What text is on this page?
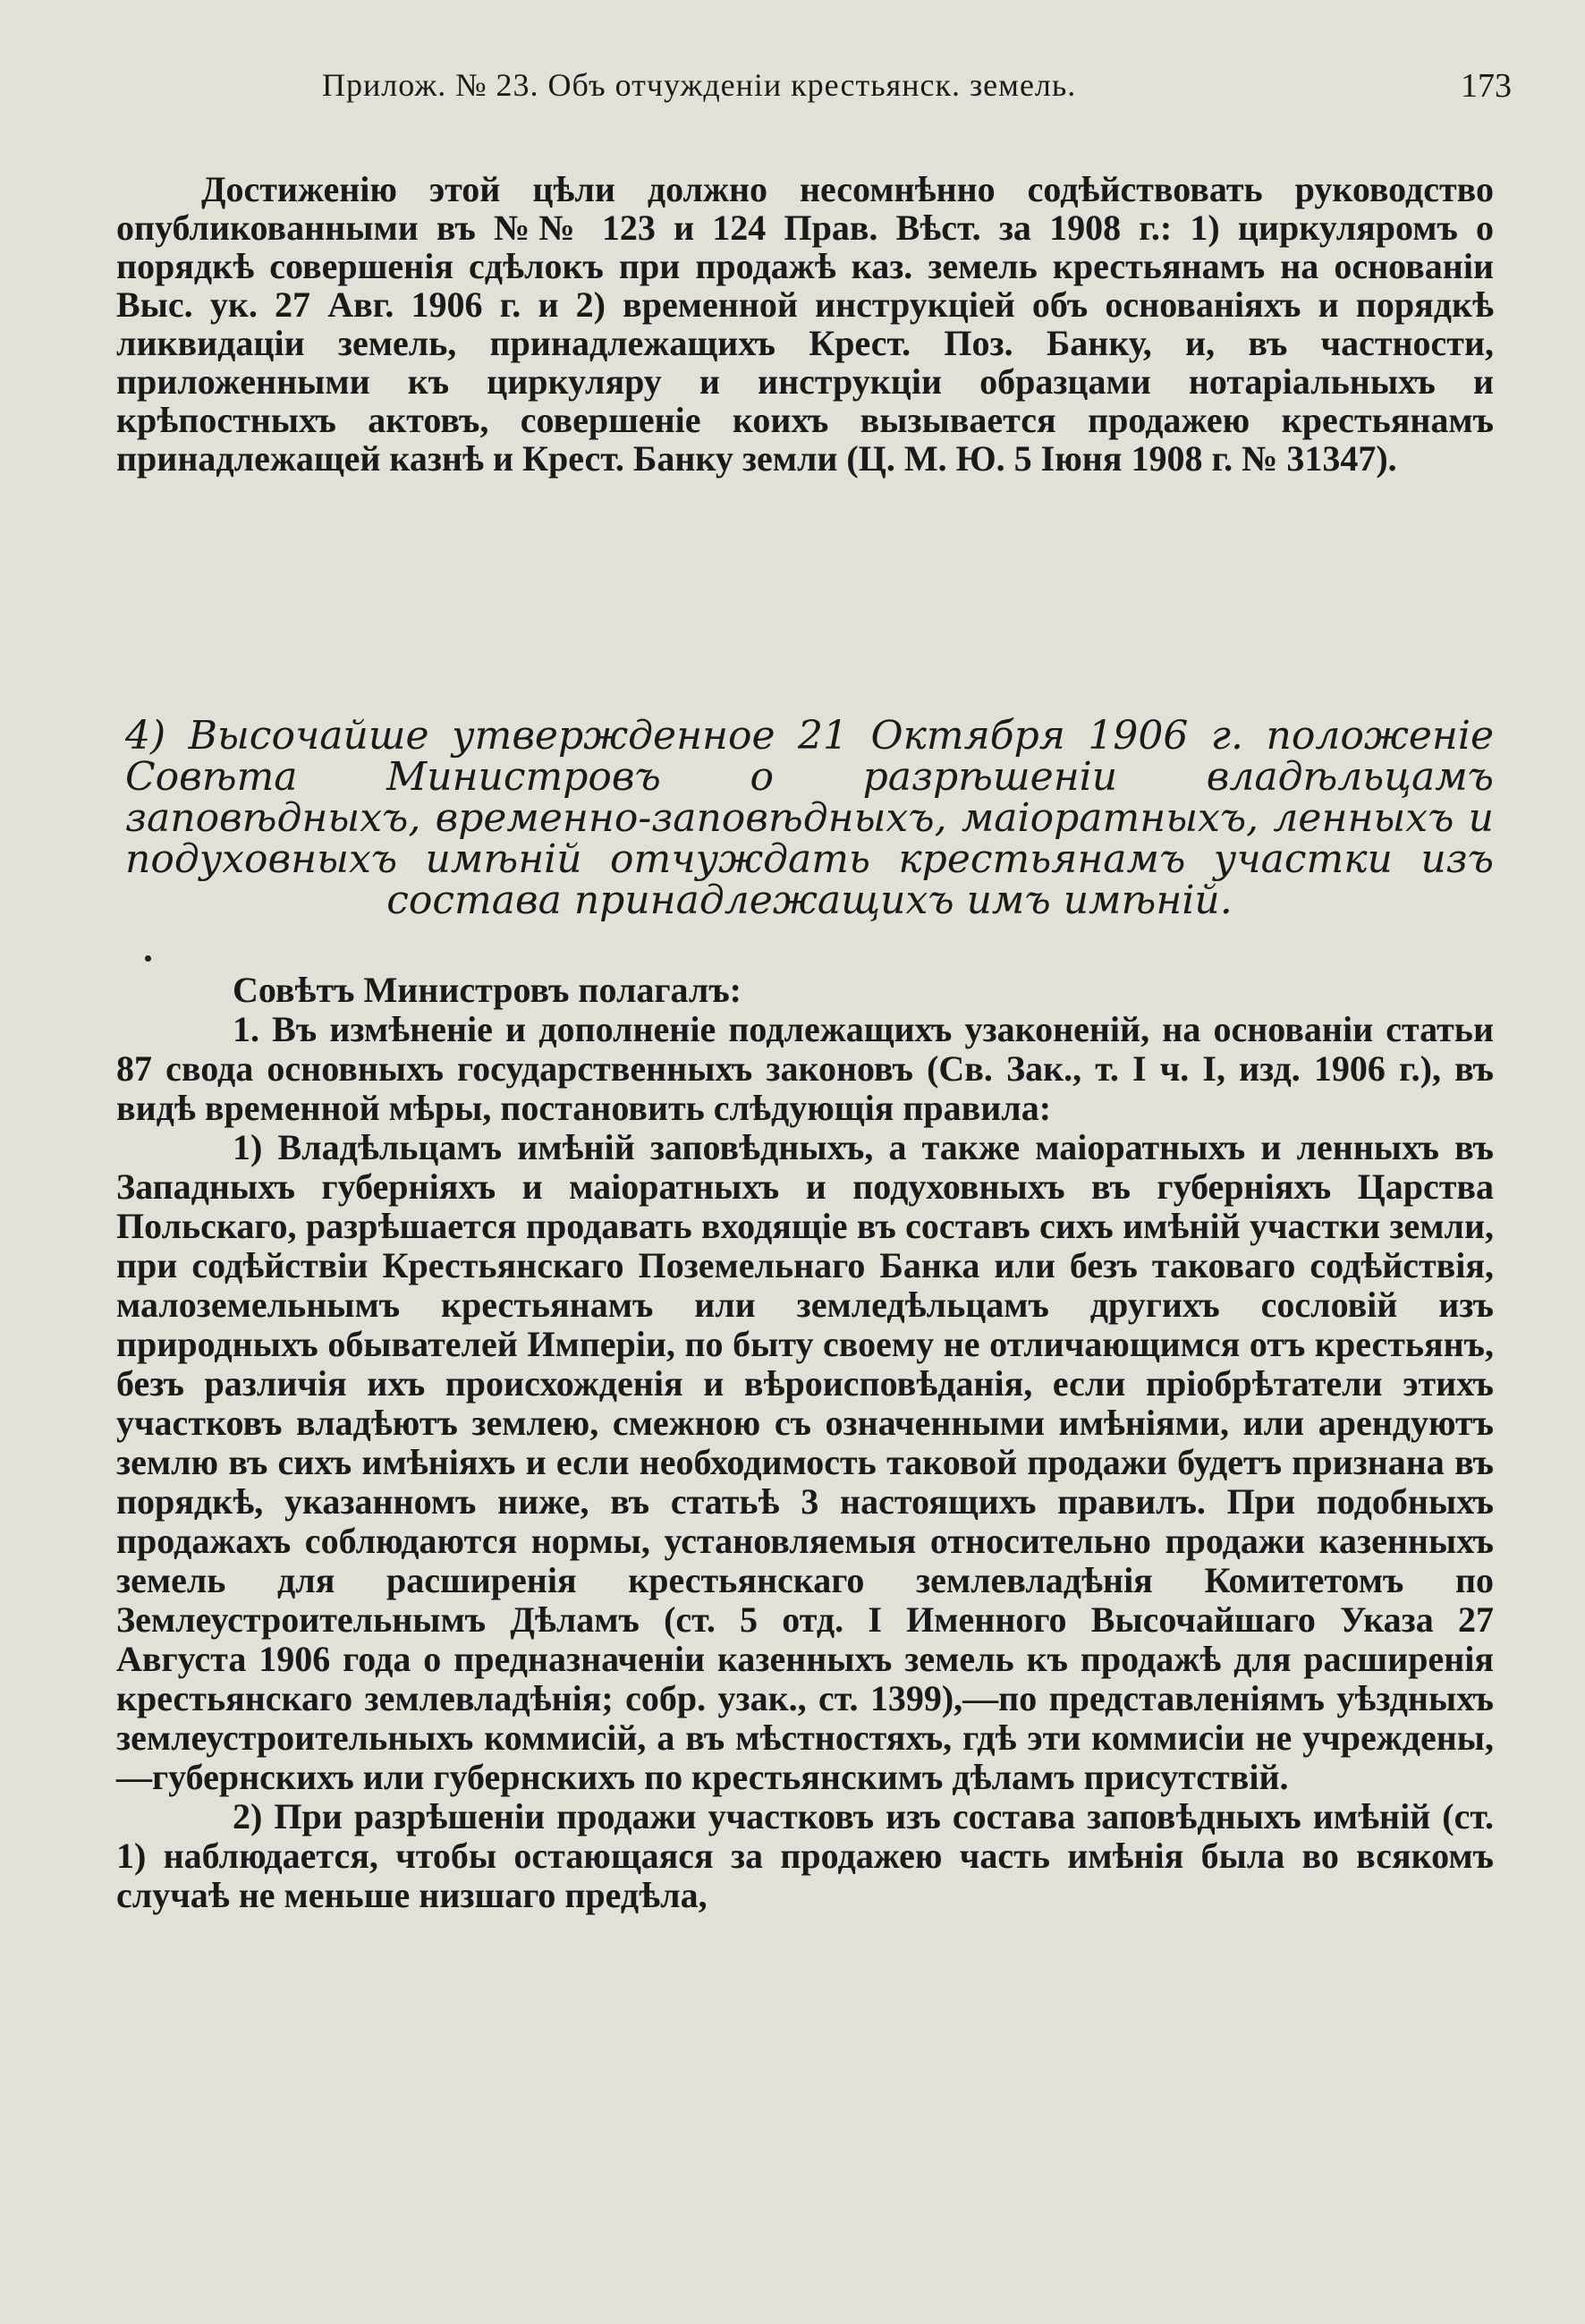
Прилож. № 23. Объ отчужденіи крестьянск. земель.	173

Достиженію этой цѣли должно несомнѣнно содѣйствовать руководство опубликованными въ №№ 123 и 124 Прав. Вѣст. за 1908 г.: 1) циркуляромъ о порядкѣ совершенія сдѣлокъ при продажѣ каз. земель крестьянамъ на основаніи Выс. ук. 27 Авг. 1906 г. и 2) временной инструкціей объ основаніяхъ и порядкѣ ликвидаціи земель, принадлежащихъ Крест. Поз. Банку, и, въ частности, приложенными къ циркуляру и инструкціи образцами нотаріальныхъ и крѣпостныхъ актовъ, совершеніе коихъ вызывается продажею крестьянамъ принадлежащей казнѣ и Крест. Банку земли (Ц. М. Ю. 5 Іюня 1908 г. № 31347).

4) Высочайше утвержденное 21 Октября 1906 г. положеніе Совѣта Министровъ о разрѣшеніи владѣльцамъ заповѣдныхъ, временно-заповѣдныхъ, маіоратныхъ, ленныхъ и подуховныхъ имѣній отчуждать крестьянамъ участки изъ состава принадлежащихъ имъ имѣній.

Совѣтъ Министровъ полагалъ:

1. Въ измѣненіе и дополненіе подлежащихъ узаконеній, на основаніи статьи 87 свода основныхъ государственныхъ законовъ (Св. Зак., т. I ч. I, изд. 1906 г.), въ видѣ временной мѣры, постановить слѣдующія правила:

1) Владѣльцамъ имѣній заповѣдныхъ, а также маіоратныхъ и ленныхъ въ Западныхъ губерніяхъ и маіоратныхъ и подуховныхъ въ губерніяхъ Царства Польскаго, разрѣшается продавать входящіе въ составъ сихъ имѣній участки земли, при содѣйствіи Крестьянскаго Поземельнаго Банка или безъ таковаго содѣйствія, малоземельнымъ крестьянамъ или земледѣльцамъ другихъ сословій изъ природныхъ обывателей Имперіи, по быту своему не отличающимся отъ крестьянъ, безъ различія ихъ происхожденія и вѣроисповѣданія, если пріобрѣтатели этихъ участковъ владѣютъ землею, смежною съ означенными имѣніями, или арендуютъ землю въ сихъ имѣніяхъ и если необходимость таковой продажи будетъ признана въ порядкѣ, указанномъ ниже, въ статьѣ 3 настоящихъ правилъ. При подобныхъ продажахъ соблюдаются нормы, установляемыя относительно продажи казенныхъ земель для расширенія крестьянскаго землевладѣнія Комитетомъ по Землеустроительнымъ Дѣламъ (ст. 5 отд. I Именного Высочайшаго Указа 27 Августа 1906 года о предназначеніи казенныхъ земель къ продажѣ для расширенія крестьянскаго землевладѣнія; собр. узак., ст. 1399),—по представленіямъ уѣздныхъ землеустроительныхъ коммисій, а въ мѣстностяхъ, гдѣ эти коммисіи не учреждены,—губернскихъ или губернскихъ по крестьянскимъ дѣламъ присутствій.

2) При разрѣшеніи продажи участковъ изъ состава заповѣдныхъ имѣній (ст. 1) наблюдается, чтобы остающаяся за продажею часть имѣнія была во всякомъ случаѣ не меньше низшаго предѣла,
